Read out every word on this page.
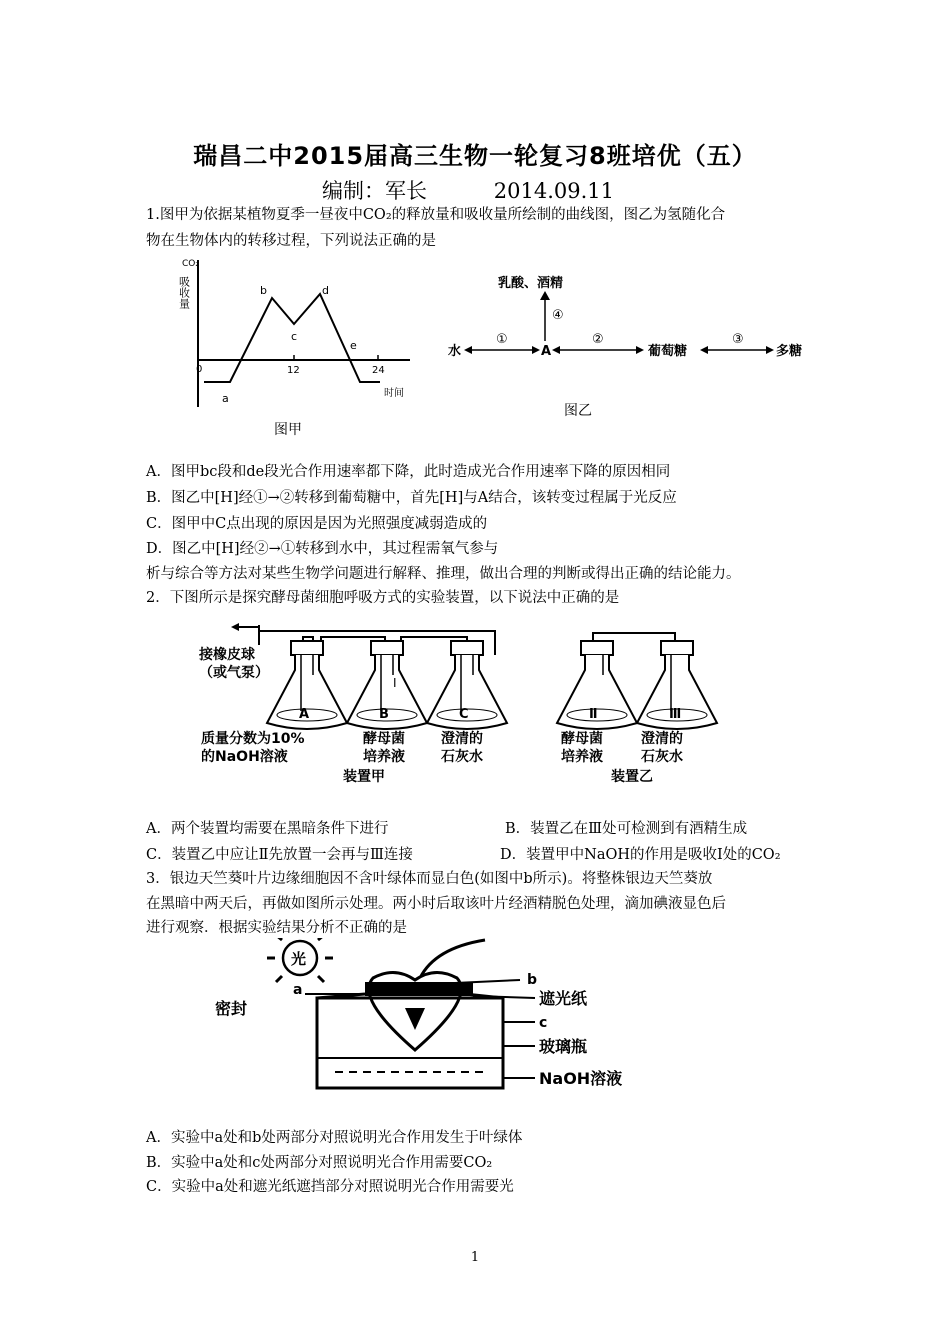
瑞昌二中2015届高三生物一轮复习8班培优（五）
编制：军长          2014.09.11
1.图甲为依据某植物夏季一昼夜中CO₂的释放量和吸收量所绘制的曲线图，图乙为氢随化合
物在生物体内的转移过程，下列说法正确的是
CO₂
吸收量
0	12	24
时间
a
b
c
d
e
图甲
乳酸、酒精
④
水
①
A
②
葡萄糖
③
多糖
图乙
A．图甲bc段和de段光合作用速率都下降，此时造成光合作用速率下降的原因相同
B．图乙中[H]经①→②转移到葡萄糖中，首先[H]与A结合，该转变过程属于光反应
C．图甲中C点出现的原因是因为光照强度减弱造成的
D．图乙中[H]经②→①转移到水中，其过程需氧气参与
析与综合等方法对某些生物学问题进行解释、推理，做出合理的判断或得出正确的结论能力。
2．下图所示是探究酵母菌细胞呼吸方式的实验装置，以下说法中正确的是
A
Ⅰ
B	C	Ⅱ	Ⅲ
接橡皮球
（或气泵）
质量分数为10%
的NaOH溶液
酵母菌
培养液
澄清的
石灰水
装置甲
酵母菌
培养液
澄清的
石灰水
装置乙
A．两个装置均需要在黑暗条件下进行	B．装置乙在Ⅲ处可检测到有酒精生成
C．装置乙中应让Ⅱ先放置一会再与Ⅲ连接	D．装置甲中NaOH的作用是吸收Ⅰ处的CO₂
3．银边天竺葵叶片边缘细胞因不含叶绿体而显白色(如图中b所示)。将整株银边天竺葵放
在黑暗中两天后，再做如图所示处理。两小时后取该叶片经酒精脱色处理，滴加碘液显色后
进行观察．根据实验结果分析不正确的是
光
密封
a
b
遮光纸
c
玻璃瓶
NaOH溶液
A．实验中a处和b处两部分对照说明光合作用发生于叶绿体
B．实验中a处和c处两部分对照说明光合作用需要CO₂
C．实验中a处和遮光纸遮挡部分对照说明光合作用需要光
1
